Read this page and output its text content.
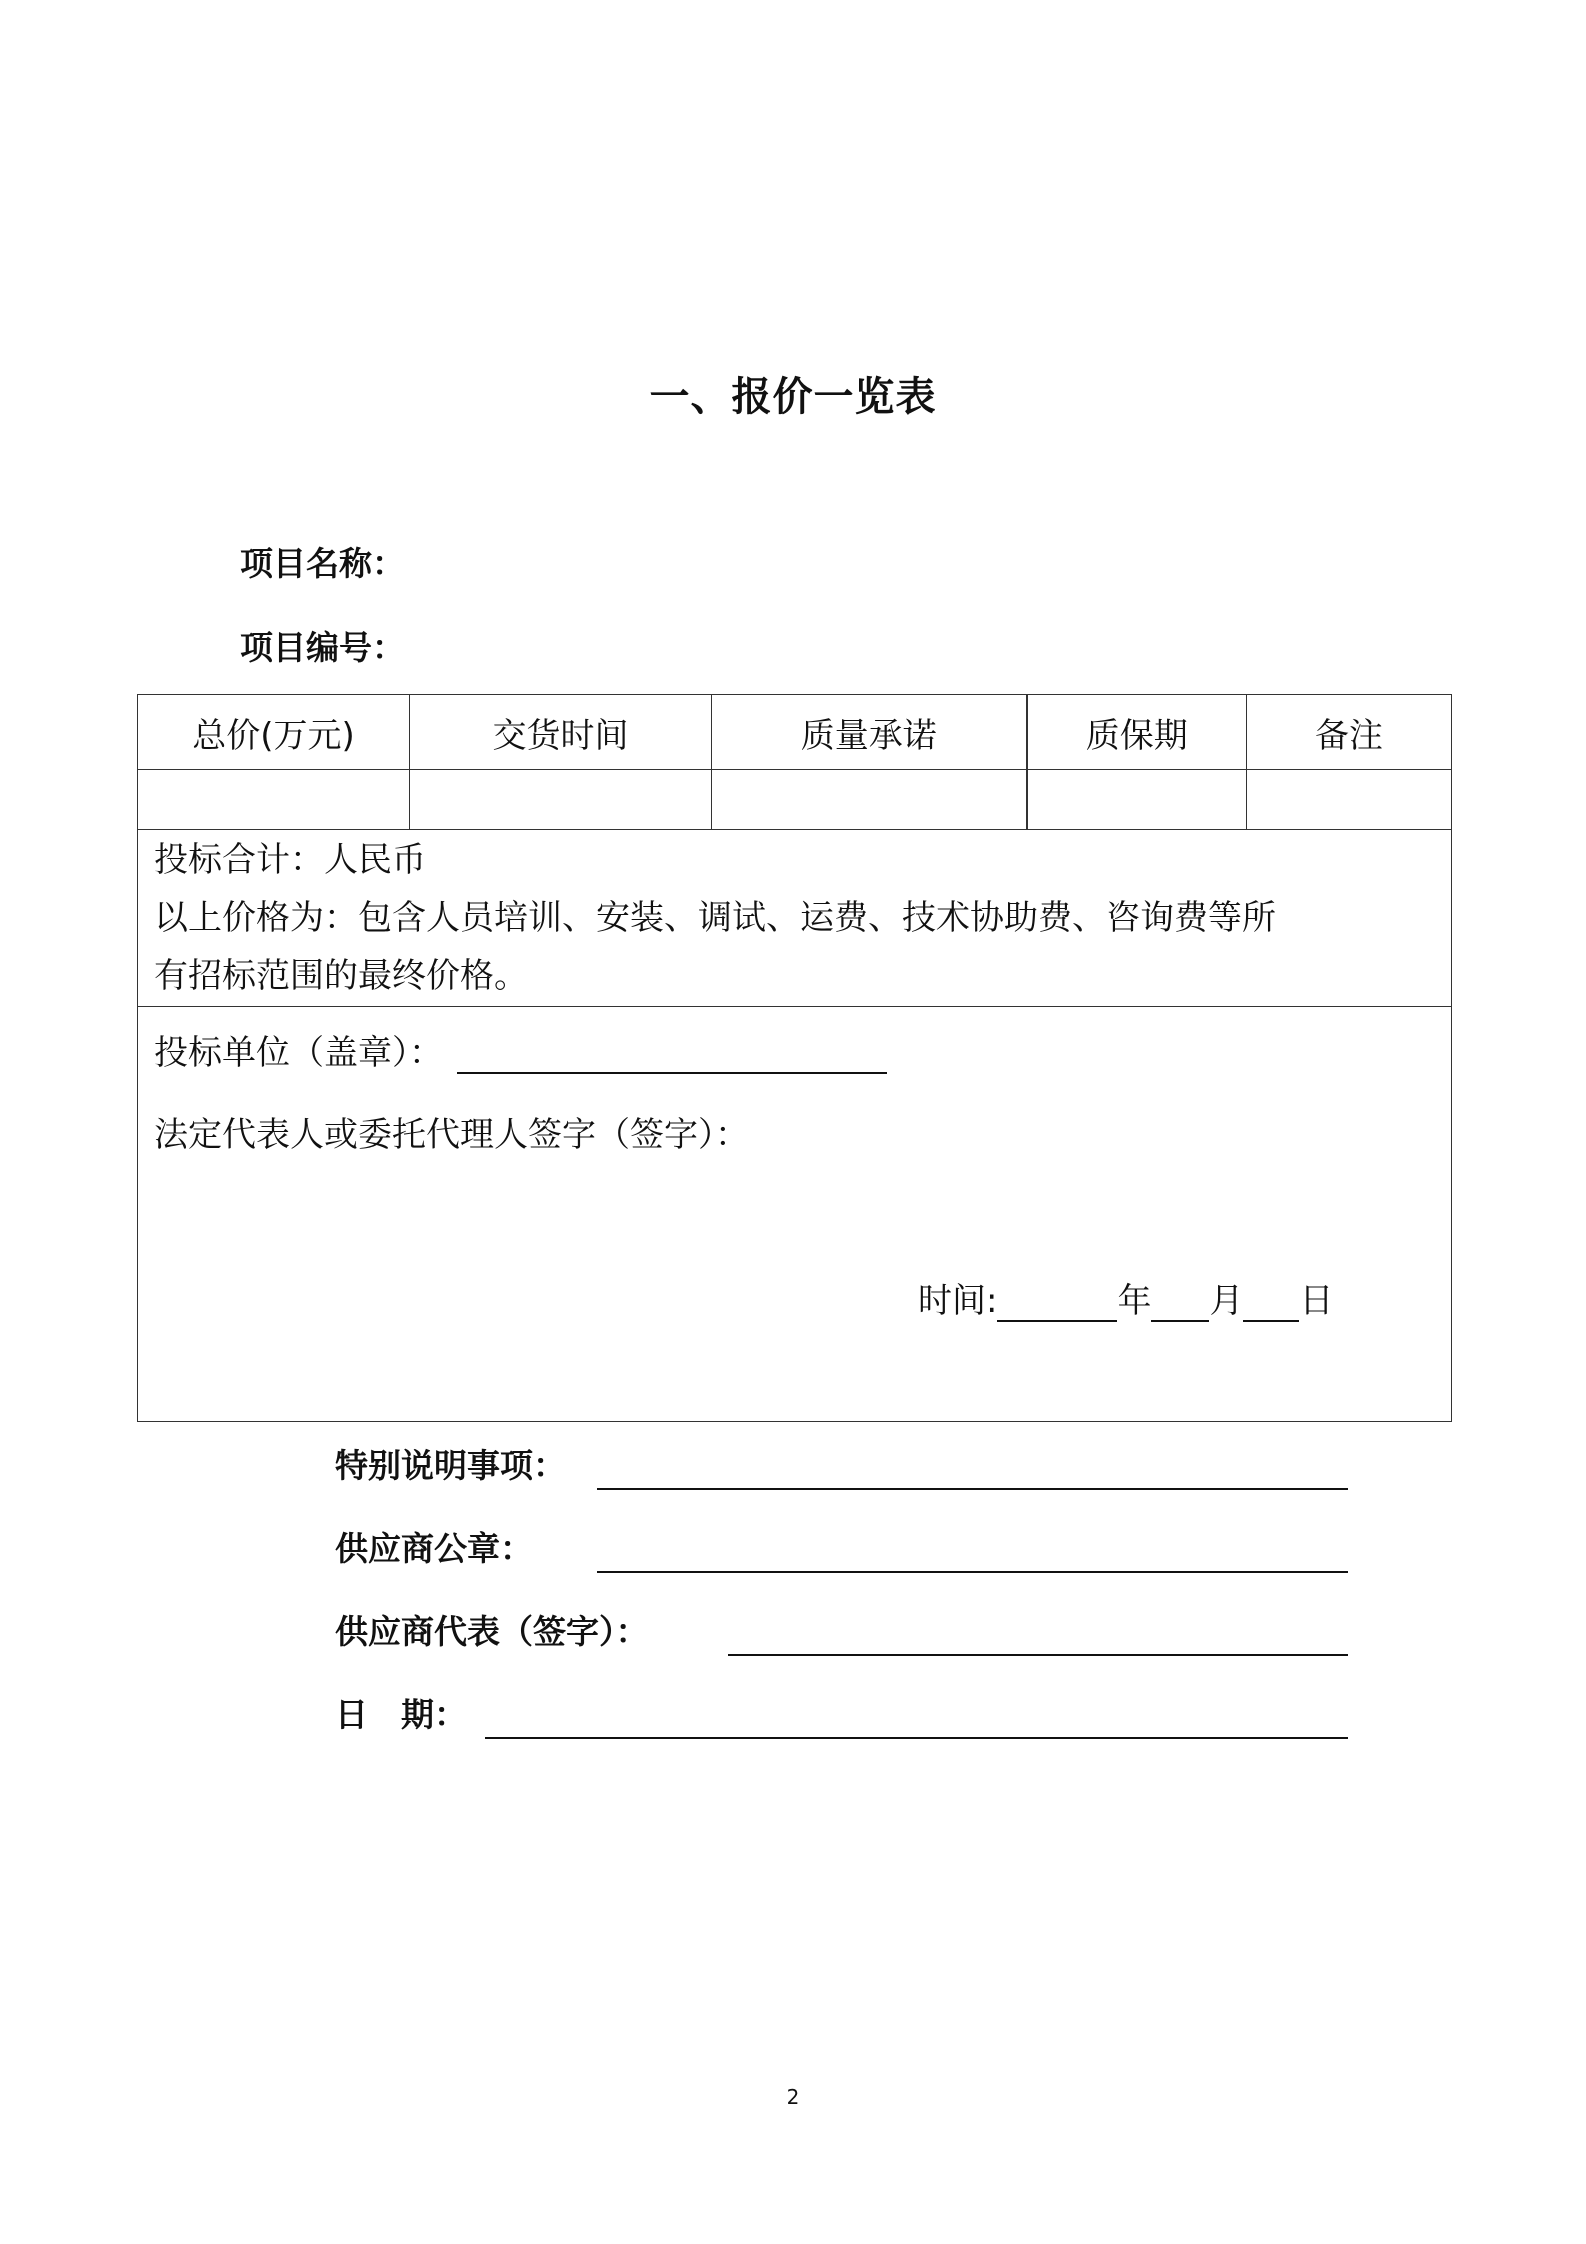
一、报价一览表
项目名称：
项目编号：
总价(万元)	交货时间	质量承诺	质保期	备注

投标合计：人民币
以上价格为：包含人员培训、安装、调试、运费、技术协助费、咨询费等所
有招标范围的最终价格。				

投标单位（盖章）：
法定代表人或委托代理人签字（签字）：
时间: 年 月 日				
特别说明事项：
供应商公章：
供应商代表（签字）：
日　期：
2
